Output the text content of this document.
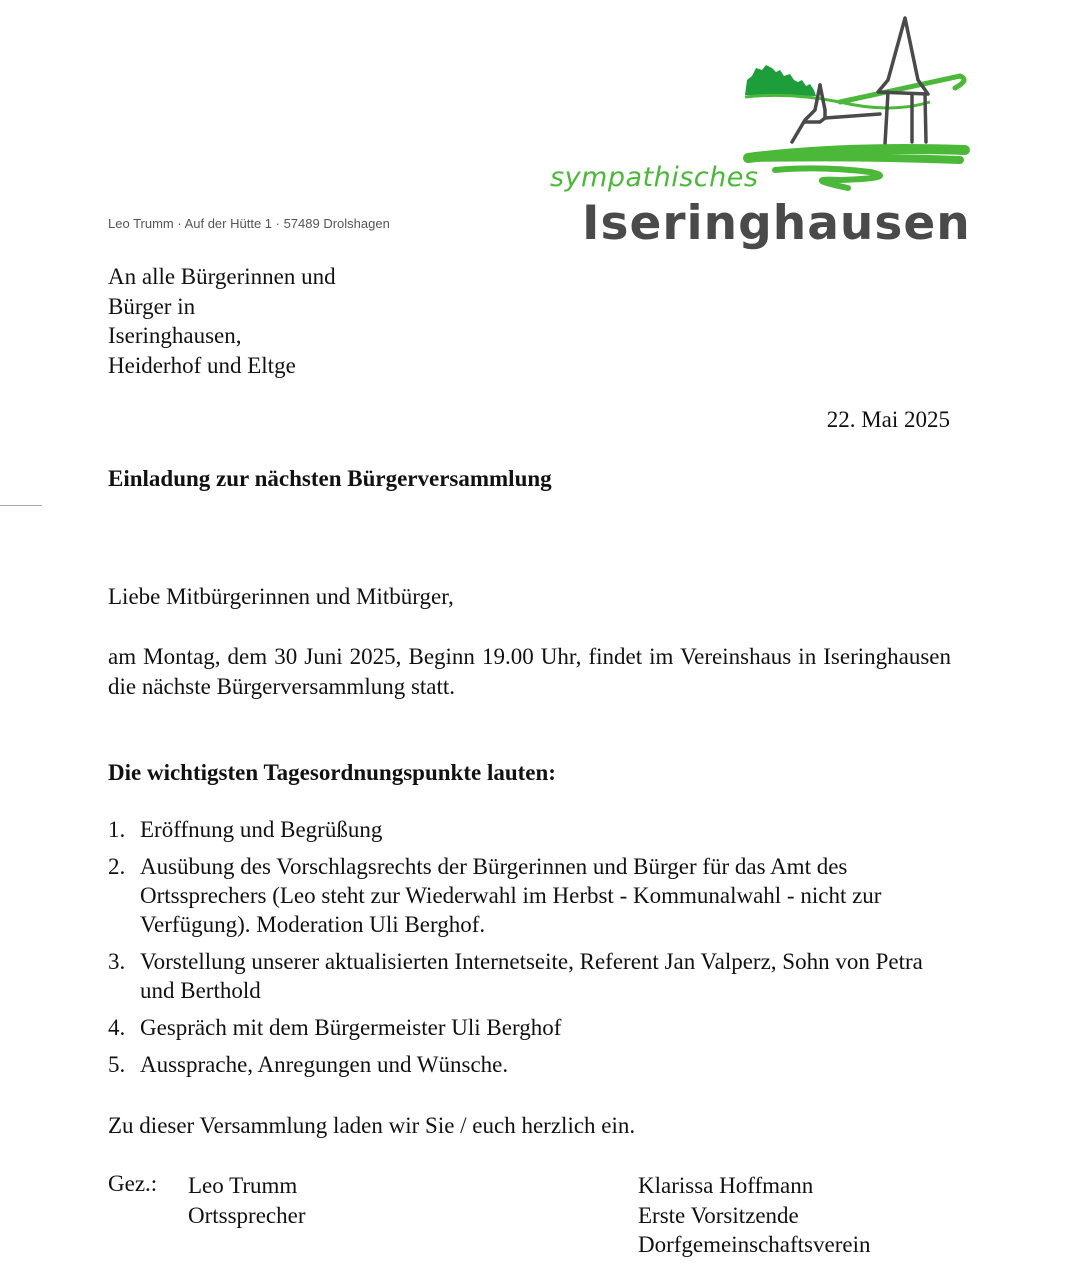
sympathisches
Iseringhausen
Leo Trumm · Auf der Hütte 1 · 57489 Drolshagen
An alle Bürgerinnen und
Bürger in
Iseringhausen,
Heiderhof und Eltge
22. Mai 2025
Einladung zur nächsten Bürgerversammlung
Liebe Mitbürgerinnen und Mitbürger,
am Montag, dem 30 Juni 2025, Beginn 19.00 Uhr, findet im Vereinshaus in Iseringhausen die nächste Bürgerversammlung statt.
Die wichtigsten Tagesordnungspunkte lauten:
1. Eröffnung und Begrüßung
2. Ausübung des Vorschlagsrechts der Bürgerinnen und Bürger für das Amt des Ortssprechers (Leo steht zur Wiederwahl im Herbst - Kommunalwahl - nicht zur Verfügung). Moderation Uli Berghof.
3. Vorstellung unserer aktualisierten Internetseite, Referent Jan Valperz, Sohn von Petra und Berthold
4. Gespräch mit dem Bürgermeister Uli Berghof
5. Aussprache, Anregungen und Wünsche.
Zu dieser Versammlung laden wir Sie / euch herzlich ein.
Gez.: Leo Trumm
Ortssprecher
Klarissa Hoffmann
Erste Vorsitzende
Dorfgemeinschaftsverein
